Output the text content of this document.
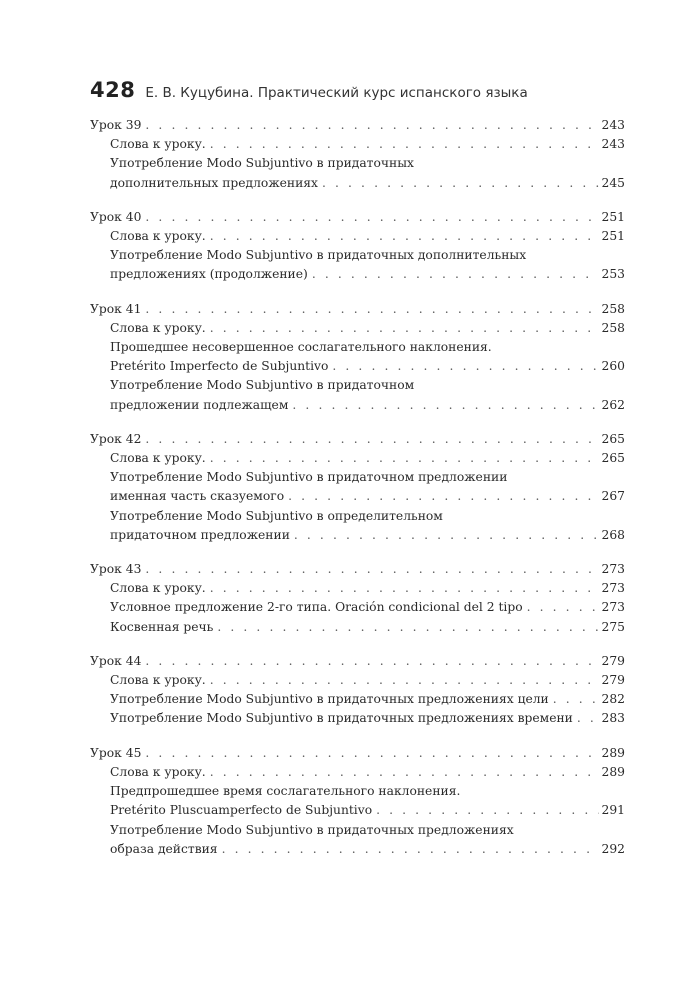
428 Е. В. Куцубина. Практический курс испанского языка
Урок 39 . . .	243
Слова к уроку. . . .	243
Употребление Modo Subjuntivo в придаточных
дополнительных предложениях . . .	245
Урок 40 . . .	251
Слова к уроку. . . .	251
Употребление Modo Subjuntivo в придаточных дополнительных
предложениях (продолжение) . . .	253
Урок 41 . . .	258
Слова к уроку. . . .	258
Прошедшее несовершенное сослагательного наклонения.
Pretérito Imperfecto de Subjuntivo . . .	260
Употребление Modo Subjuntivo в придаточном
предложении подлежащем . . .	262
Урок 42 . . .	265
Слова к уроку. . . .	265
Употребление Modo Subjuntivo в придаточном предложении
именная часть сказуемого . . .	267
Употребление Modo Subjuntivo в определительном
придаточном предложении . . .	268
Урок 43 . . .	273
Слова к уроку. . . .	273
Условное предложение 2-го типа. Oración condicional del 2 tipo . . .	273
Косвенная речь . . .	275
Урок 44 . . .	279
Слова к уроку. . . .	279
Употребление Modo Subjuntivo в придаточных предложениях цели . . .	282
Употребление Modo Subjuntivo в придаточных предложениях времени . . . 283
Урок 45 . . .	289
Слова к уроку. . . .	289
Предпрошедшее время сослагательного наклонения.
Pretérito Pluscuamperfecto de Subjuntivo . . .	291
Употребление Modo Subjuntivo в придаточных предложениях
образа действия . . .	292
